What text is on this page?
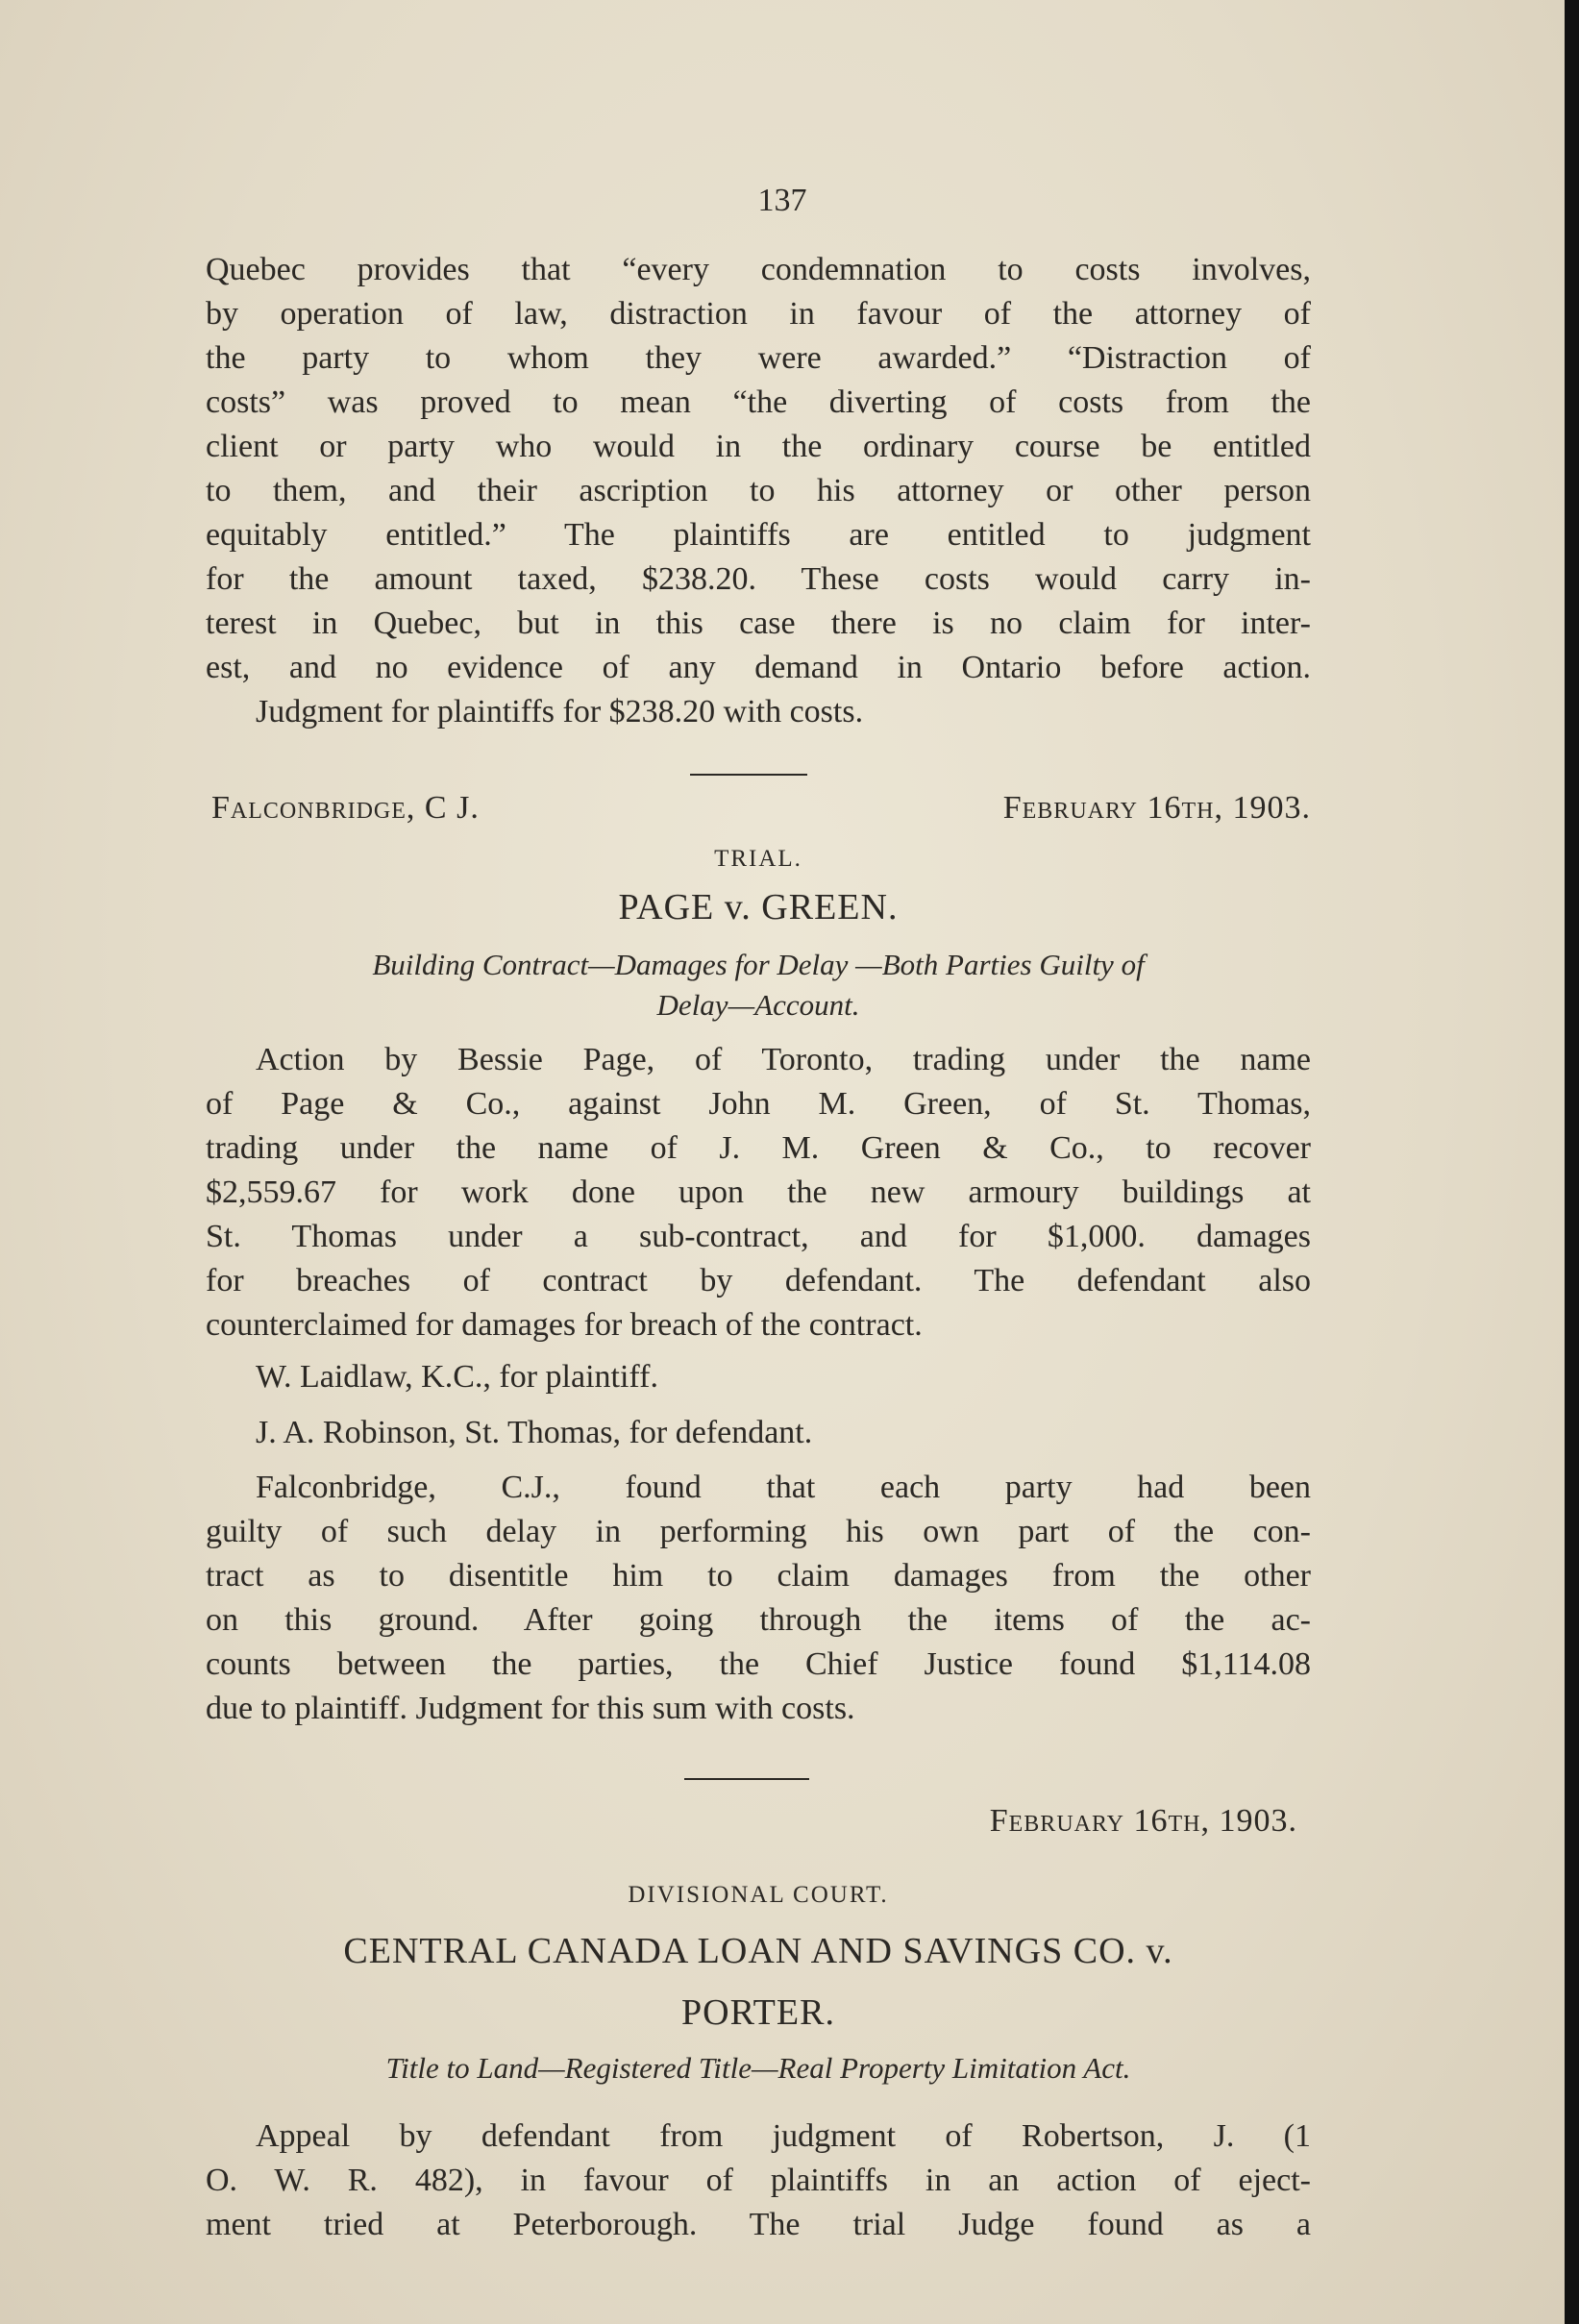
137

Quebec provides that “every condemnation to costs involves,
by operation of law, distraction in favour of the attorney of
the party to whom they were awarded.” “Distraction of
costs” was proved to mean “the diverting of costs from the
client or party who would in the ordinary course be entitled
to them, and their ascription to his attorney or other person
equitably entitled.” The plaintiffs are entitled to judgment
for the amount taxed, $238.20. These costs would carry in-
terest in Quebec, but in this case there is no claim for inter-
est, and no evidence of any demand in Ontario before action.
Judgment for plaintiffs for $238.20 with costs.

Falconbridge, C J.	February 16th, 1903.
TRIAL.
PAGE v. GREEN.
Building Contract—Damages for Delay —Both Parties Guilty of
Delay—Account.

Action by Bessie Page, of Toronto, trading under the name
of Page & Co., against John M. Green, of St. Thomas,
trading under the name of J. M. Green & Co., to recover
$2,559.67 for work done upon the new armoury buildings at
St. Thomas under a sub-contract, and for $1,000. damages
for breaches of contract by defendant. The defendant also
counterclaimed for damages for breach of the contract.

W. Laidlaw, K.C., for plaintiff.
J. A. Robinson, St. Thomas, for defendant.

Falconbridge, C.J., found that each party had been
guilty of such delay in performing his own part of the con-
tract as to disentitle him to claim damages from the other
on this ground. After going through the items of the ac-
counts between the parties, the Chief Justice found $1,114.08
due to plaintiff. Judgment for this sum with costs.

February 16th, 1903.
DIVISIONAL COURT.
CENTRAL CANADA LOAN AND SAVINGS CO. v.
PORTER.
Title to Land—Registered Title—Real Property Limitation Act.

Appeal by defendant from judgment of Robertson, J. (1
O. W. R. 482), in favour of plaintiffs in an action of eject-
ment tried at Peterborough. The trial Judge found as a
